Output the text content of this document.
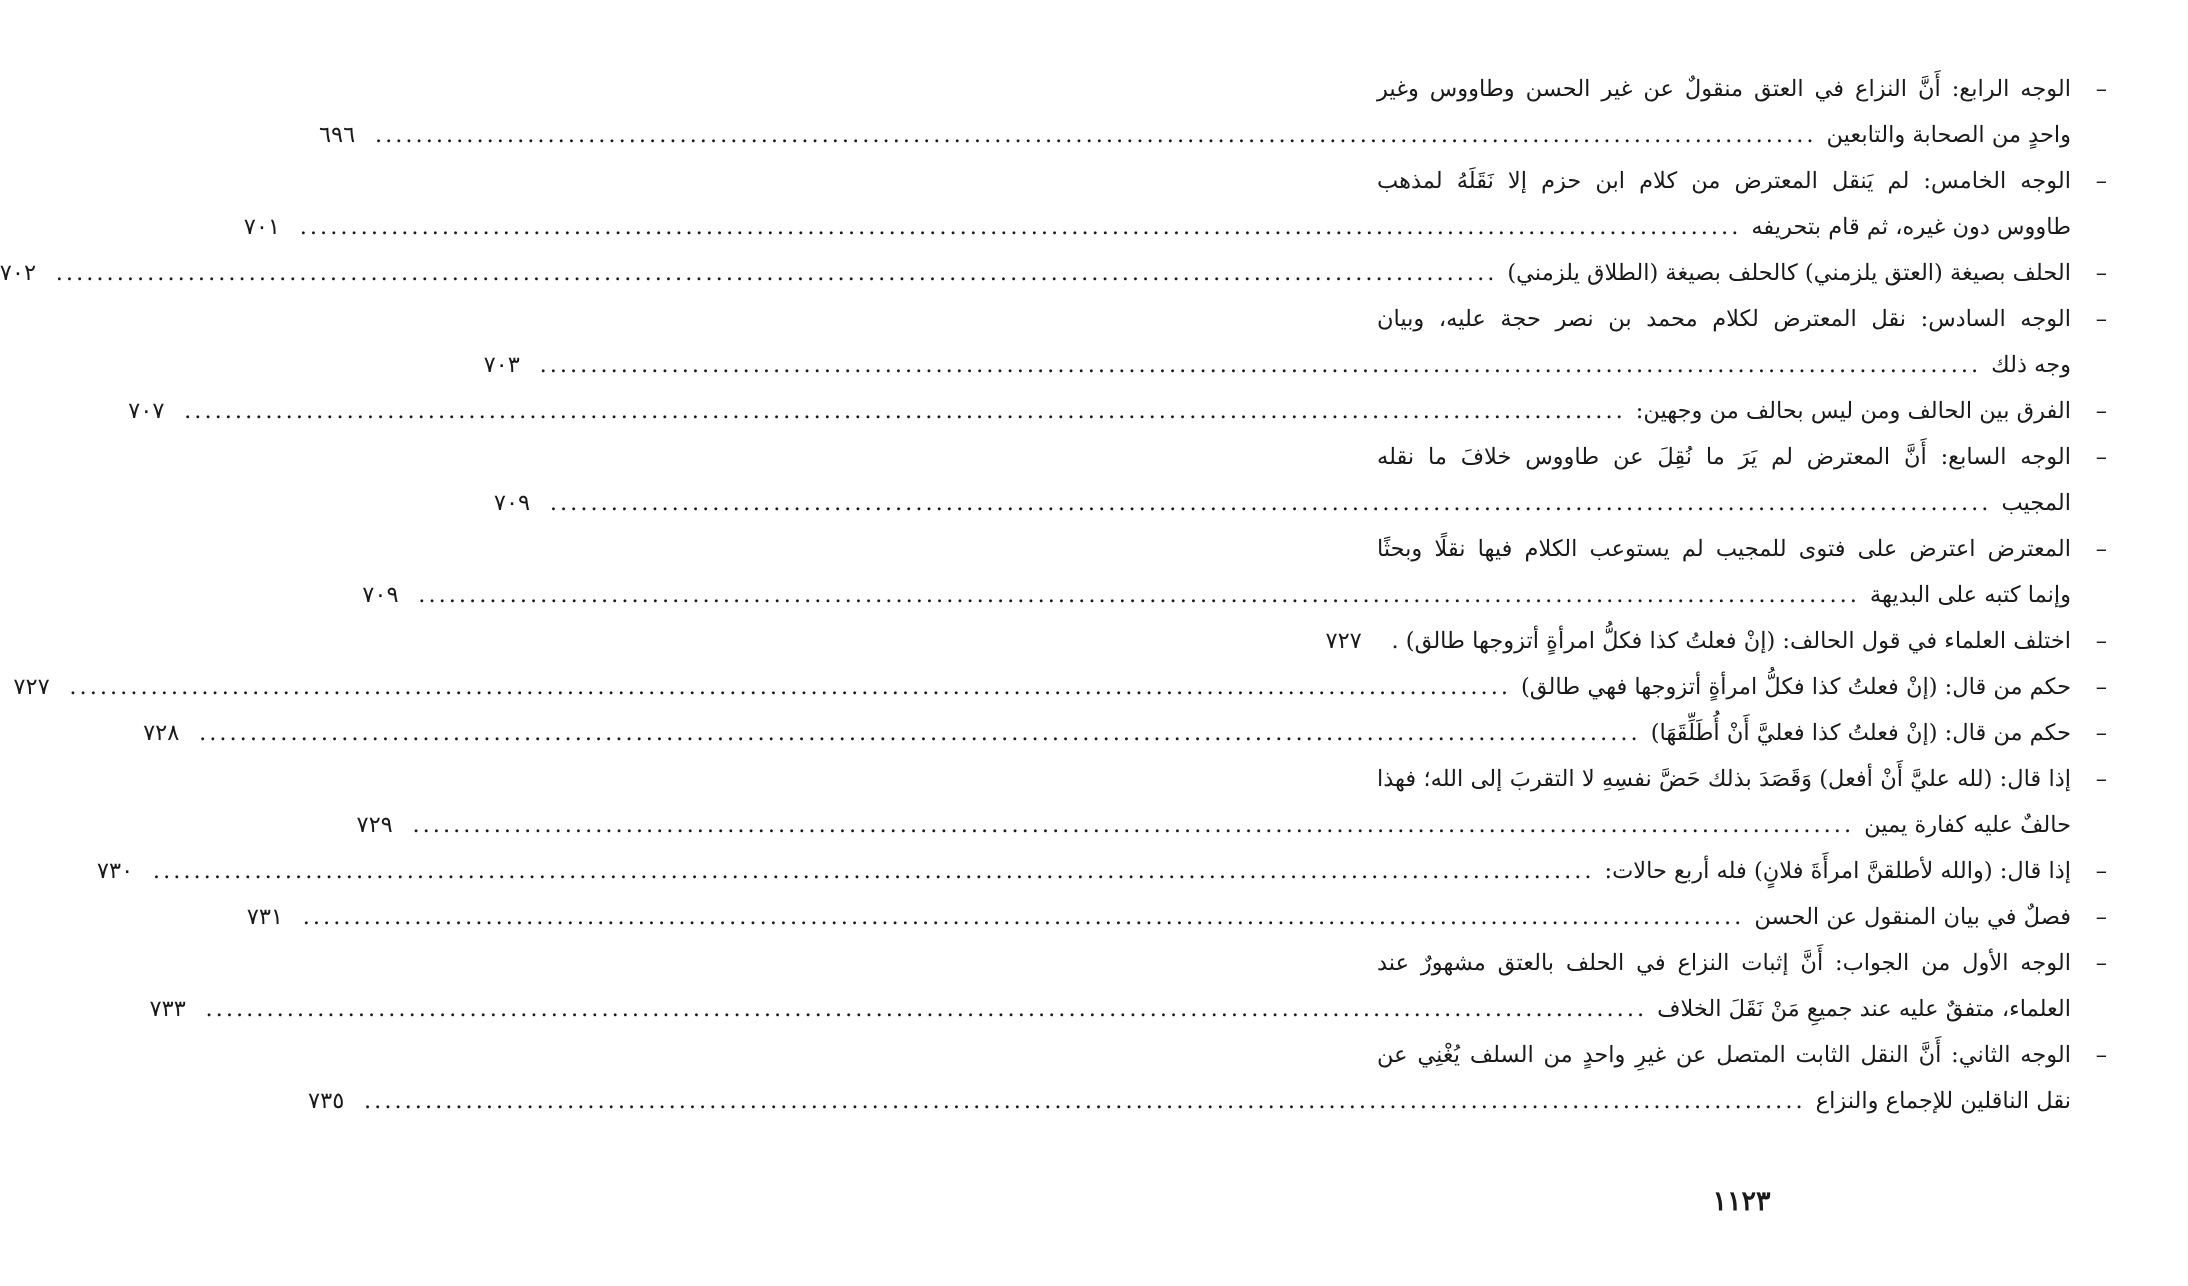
–
الوجه الرابع: أَنَّ النزاع في العتق منقولٌ عن غير الحسن وطاووس وغير
واحدٍ من الصحابة والتابعين
..............................................................................................................................................
٦٩٦
–
الوجه الخامس: لم يَنقل المعترض من كلام ابن حزم إلا نَقَلَهُ لمذهب
طاووس دون غيره، ثم قام بتحريفه
..............................................................................................................................................
٧٠١
–
الحلف بصيغة (العتق يلزمني) كالحلف بصيغة (الطلاق يلزمني)
..............................................................................................................................................
٧٠٢
–
الوجه السادس: نقل المعترض لكلام محمد بن نصر حجة عليه، وبيان
وجه ذلك
..............................................................................................................................................
٧٠٣
–
الفرق بين الحالف ومن ليس بحالف من وجهين:
..............................................................................................................................................
٧٠٧
–
الوجه السابع: أَنَّ المعترض لم يَرَ ما نُقِلَ عن طاووس خلافَ ما نقله
المجيب
..............................................................................................................................................
٧٠٩
–
المعترض اعترض على فتوى للمجيب لم يستوعب الكلام فيها نقلًا وبحثًا
وإنما كتبه على البديهة
..............................................................................................................................................
٧٠٩
–
اختلف العلماء في قول الحالف: (إنْ فعلتُ كذا فكلُّ امرأةٍ أتزوجها طالق) .
٧٢٧
–
حكم من قال: (إنْ فعلتُ كذا فكلُّ امرأةٍ أتزوجها فهي طالق)
..............................................................................................................................................
٧٢٧
–
حكم من قال: (إنْ فعلتُ كذا فعليَّ أَنْ أُطَلِّقَهَا)
..............................................................................................................................................
٧٢٨
–
إذا قال: (لله عليَّ أَنْ أفعل) وَقَصَدَ بذلك حَضَّ نفسِهِ لا التقربَ إلى الله؛ فهذا
حالفٌ عليه كفارة يمين
..............................................................................................................................................
٧٢٩
–
إذا قال: (والله لأطلقنَّ امرأَةَ فلانٍ) فله أربع حالات:
..............................................................................................................................................
٧٣٠
–
فصلٌ في بيان المنقول عن الحسن
..............................................................................................................................................
٧٣١
–
الوجه الأول من الجواب: أَنَّ إثبات النزاع في الحلف بالعتق مشهورٌ عند
العلماء، متفقٌ عليه عند جميعِ مَنْ نَقَلَ الخلاف
..............................................................................................................................................
٧٣٣
–
الوجه الثاني: أَنَّ النقل الثابت المتصل عن غيرِ واحدٍ من السلف يُغْنِي عن
نقل الناقلين للإجماع والنزاع
..............................................................................................................................................
٧٣٥
١١٢٣
